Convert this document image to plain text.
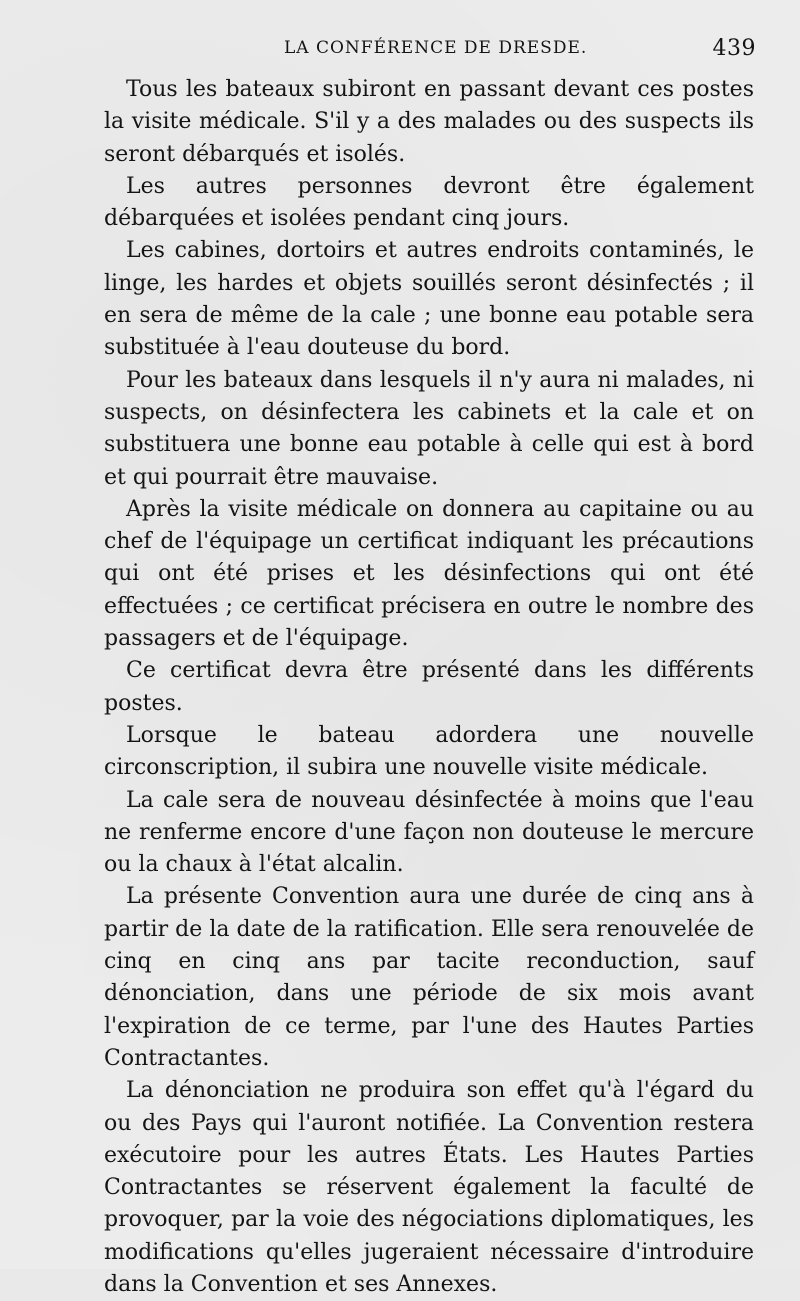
LA CONFÉRENCE DE DRESDE.	439

Tous les bateaux subiront en passant devant ces postes la visite médicale. S'il y a des malades ou des suspects ils seront débarqués et isolés.

Les autres personnes devront être également débarquées et isolées pendant cinq jours.

Les cabines, dortoirs et autres endroits contaminés, le linge, les hardes et objets souillés seront désinfectés ; il en sera de même de la cale ; une bonne eau potable sera substituée à l'eau douteuse du bord.

Pour les bateaux dans lesquels il n'y aura ni malades, ni suspects, on désinfectera les cabinets et la cale et on substituera une bonne eau potable à celle qui est à bord et qui pourrait être mauvaise.

Après la visite médicale on donnera au capitaine ou au chef de l'équipage un certificat indiquant les précautions qui ont été prises et les désinfections qui ont été effectuées ; ce certificat précisera en outre le nombre des passagers et de l'équipage.

Ce certificat devra être présenté dans les différents postes.

Lorsque le bateau adordera une nouvelle circonscription, il subira une nouvelle visite médicale.

La cale sera de nouveau désinfectée à moins que l'eau ne renferme encore d'une façon non douteuse le mercure ou la chaux à l'état alcalin.

La présente Convention aura une durée de cinq ans à partir de la date de la ratification. Elle sera renouvelée de cinq en cinq ans par tacite reconduction, sauf dénonciation, dans une période de six mois avant l'expiration de ce terme, par l'une des Hautes Parties Contractantes.

La dénonciation ne produira son effet qu'à l'égard du ou des Pays qui l'auront notifiée. La Convention restera exécutoire pour les autres États. Les Hautes Parties Contractantes se réservent également la faculté de provoquer, par la voie des négociations diplomatiques, les modifications qu'elles jugeraient nécessaire d'introduire dans la Convention et ses Annexes.
